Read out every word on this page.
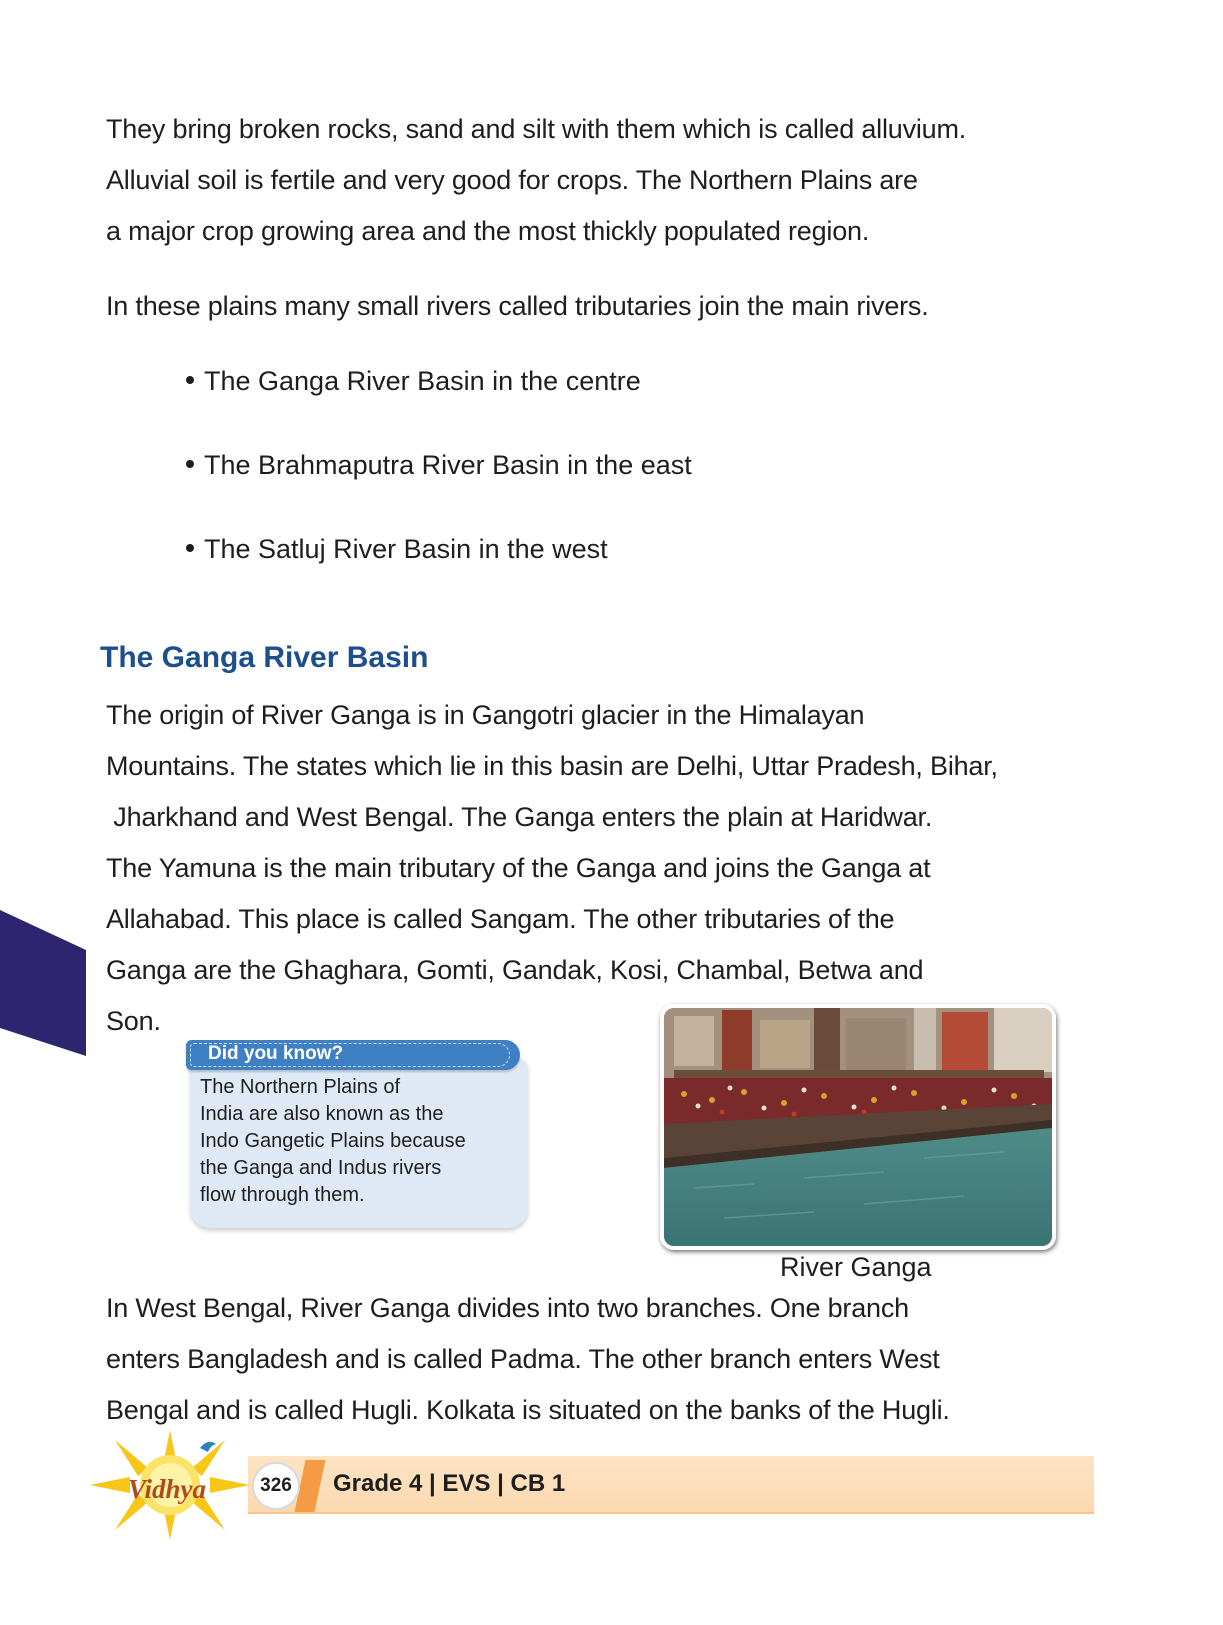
They bring broken rocks, sand and silt with them which is called alluvium.
Alluvial soil is fertile and very good for crops. The Northern Plains are
a major crop growing area and the most thickly populated region.
In these plains many small rivers called tributaries join the main rivers.
The Ganga River Basin in the centre
The Brahmaputra River Basin in the east
The Satluj River Basin in the west
The Ganga River Basin
The origin of River Ganga is in Gangotri glacier in the Himalayan
Mountains. The states which lie in this basin are Delhi, Uttar Pradesh, Bihar,
Jharkhand and West Bengal. The Ganga enters the plain at Haridwar.
The Yamuna is the main tributary of the Ganga and joins the Ganga at
Allahabad. This place is called Sangam. The other tributaries of the
Ganga are the Ghaghara, Gomti, Gandak, Kosi, Chambal, Betwa and
Son.
Did you know?
The Northern Plains of
India are also known as the
Indo Gangetic Plains because
the Ganga and Indus rivers
flow through them.
River Ganga
In West Bengal, River Ganga divides into two branches. One branch
enters Bangladesh and is called Padma. The other branch enters West
Bengal and is called Hugli. Kolkata is situated on the banks of the Hugli.
Vidhya	326	Grade 4 | EVS | CB 1
